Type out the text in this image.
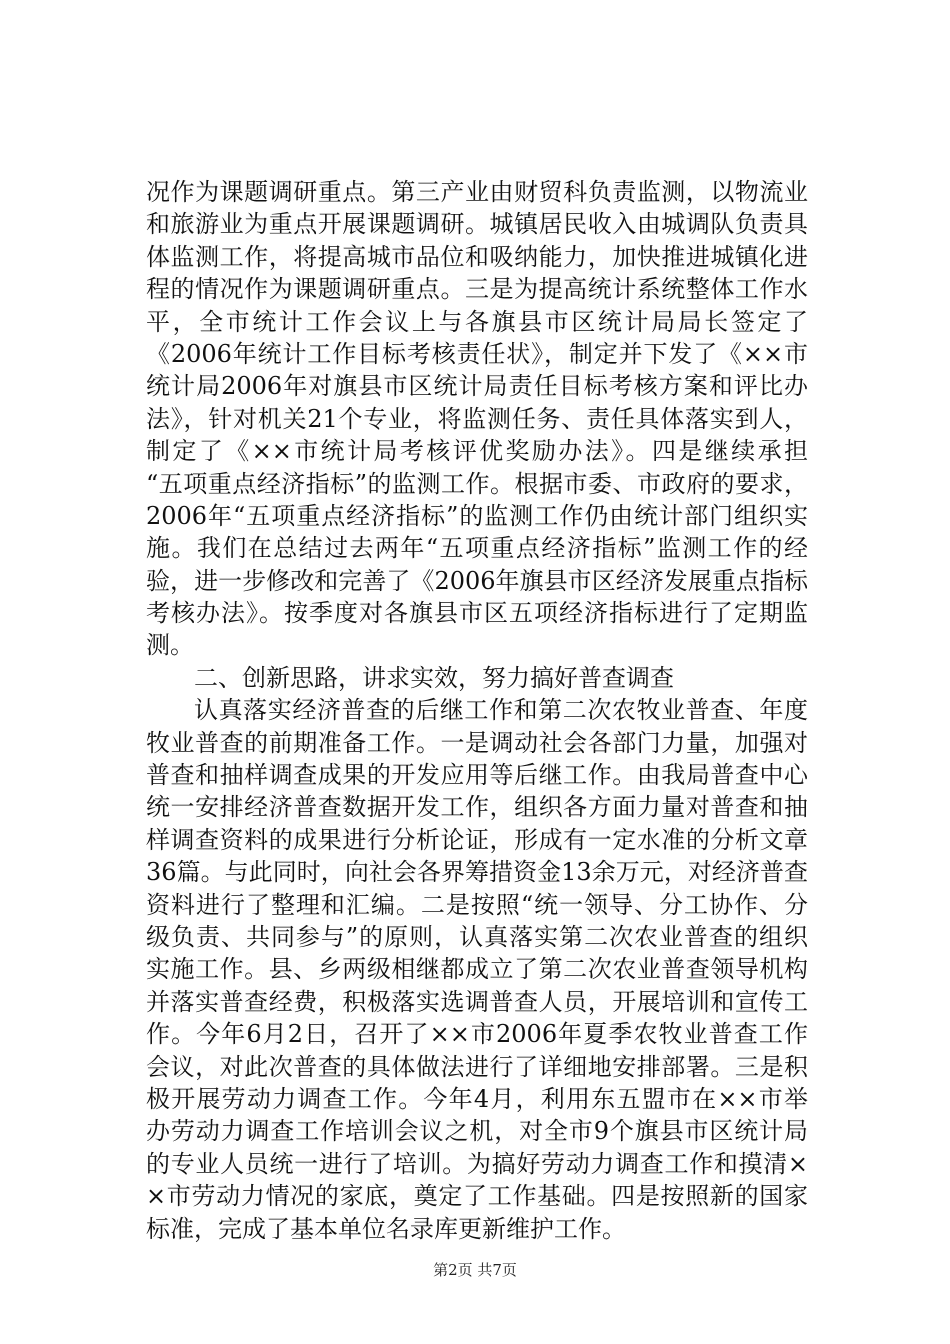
况作为课题调研重点。第三产业由财贸科负责监测，以物流业
和旅游业为重点开展课题调研。城镇居民收入由城调队负责具
体监测工作，将提高城市品位和吸纳能力，加快推进城镇化进
程的情况作为课题调研重点。三是为提高统计系统整体工作水
平，全市统计工作会议上与各旗县市区统计局局长签定了
《2006年统计工作目标考核责任状》，制定并下发了《××市
统计局2006年对旗县市区统计局责任目标考核方案和评比办
法》，针对机关21个专业，将监测任务、责任具体落实到人，
制定了《××市统计局考核评优奖励办法》。四是继续承担
“五项重点经济指标”的监测工作。根据市委、市政府的要求，
2006年“五项重点经济指标”的监测工作仍由统计部门组织实
施。我们在总结过去两年“五项重点经济指标”监测工作的经
验，进一步修改和完善了《2006年旗县市区经济发展重点指标
考核办法》。按季度对各旗县市区五项经济指标进行了定期监
测。
二、创新思路，讲求实效，努力搞好普查调查
认真落实经济普查的后继工作和第二次农牧业普查、年度
牧业普查的前期准备工作。一是调动社会各部门力量，加强对
普查和抽样调查成果的开发应用等后继工作。由我局普查中心
统一安排经济普查数据开发工作，组织各方面力量对普查和抽
样调查资料的成果进行分析论证，形成有一定水准的分析文章
36篇。与此同时，向社会各界筹措资金13余万元，对经济普查
资料进行了整理和汇编。二是按照“统一领导、分工协作、分
级负责、共同参与”的原则，认真落实第二次农业普查的组织
实施工作。县、乡两级相继都成立了第二次农业普查领导机构
并落实普查经费，积极落实选调普查人员，开展培训和宣传工
作。今年6月2日，召开了××市2006年夏季农牧业普查工作
会议，对此次普查的具体做法进行了详细地安排部署。三是积
极开展劳动力调查工作。今年4月，利用东五盟市在××市举
办劳动力调查工作培训会议之机，对全市9个旗县市区统计局
的专业人员统一进行了培训。为搞好劳动力调查工作和摸清×
×市劳动力情况的家底，奠定了工作基础。四是按照新的国家
标准，完成了基本单位名录库更新维护工作。
第2页 共7页
